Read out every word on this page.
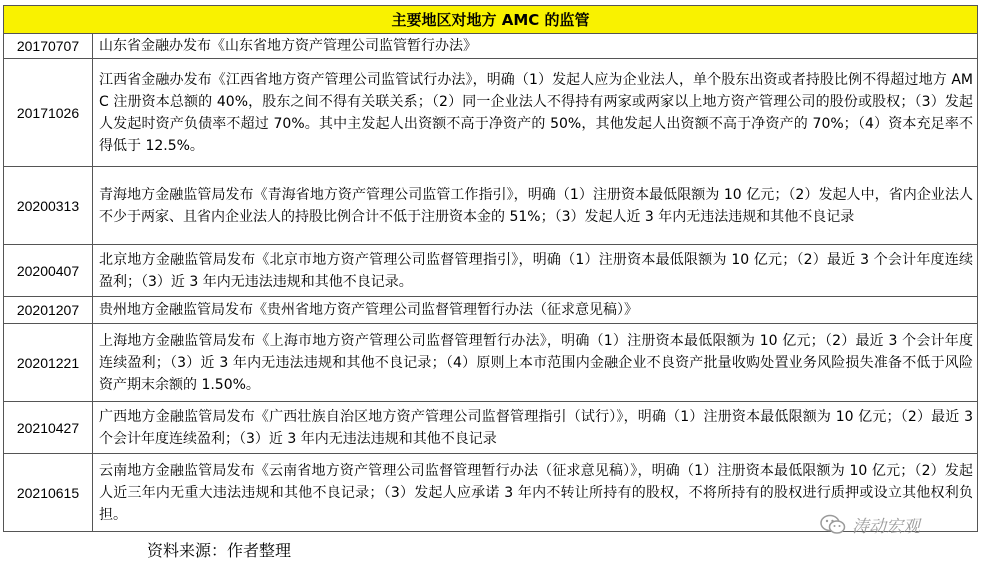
主要地区对地方 AMC 的监管	
20170707	山东省金融办发布《山东省地方资产管理公司监管暂行办法》
20171026	江西省金融办发布《江西省地方资产管理公司监管试行办法》，明确（1）发起人应为企业法人，单个股东出资或者持股比例不得超过地方 AMC 注册资本总额的 40%，股东之间不得有关联关系；（2）同一企业法人不得持有两家或两家以上地方资产管理公司的股份或股权；（3）发起人发起时资产负债率不超过 70%。其中主发起人出资额不高于净资产的 50%，其他发起人出资额不高于净资产的 70%；（4）资本充足率不得低于 12.5%。
20200313	青海地方金融监管局发布《青海省地方资产管理公司监管工作指引》，明确（1）注册资本最低限额为 10 亿元；（2）发起人中，省内企业法人不少于两家、且省内企业法人的持股比例合计不低于注册资本金的 51%；（3）发起人近 3 年内无违法违规和其他不良记录
20200407	北京地方金融监管局发布《北京市地方资产管理公司监督管理指引》，明确（1）注册资本最低限额为 10 亿元；（2）最近 3 个会计年度连续盈利；（3）近 3 年内无违法违规和其他不良记录。
20201207	贵州地方金融监管局发布《贵州省地方资产管理公司监督管理暂行办法（征求意见稿）》
20201221	上海地方金融监管局发布《上海市地方资产管理公司监督管理暂行办法》，明确（1）注册资本最低限额为 10 亿元；（2）最近 3 个会计年度连续盈利；（3）近 3 年内无违法违规和其他不良记录；（4）原则上本市范围内金融企业不良资产批量收购处置业务风险损失准备不低于风险资产期末余额的 1.50%。
20210427	广西地方金融监管局发布《广西壮族自治区地方资产管理公司监督管理指引（试行）》，明确（1）注册资本最低限额为 10 亿元；（2）最近 3 个会计年度连续盈利；（3）近 3 年内无违法违规和其他不良记录
20210615	云南地方金融监管局发布《云南省地方资产管理公司监督管理暂行办法（征求意见稿）》，明确（1）注册资本最低限额为 10 亿元；（2）发起人近三年内无重大违法违规和其他不良记录；（3）发起人应承诺 3 年内不转让所持有的股权，不将所持有的股权进行质押或设立其他权利负担。
资料来源：作者整理
涛动宏观
